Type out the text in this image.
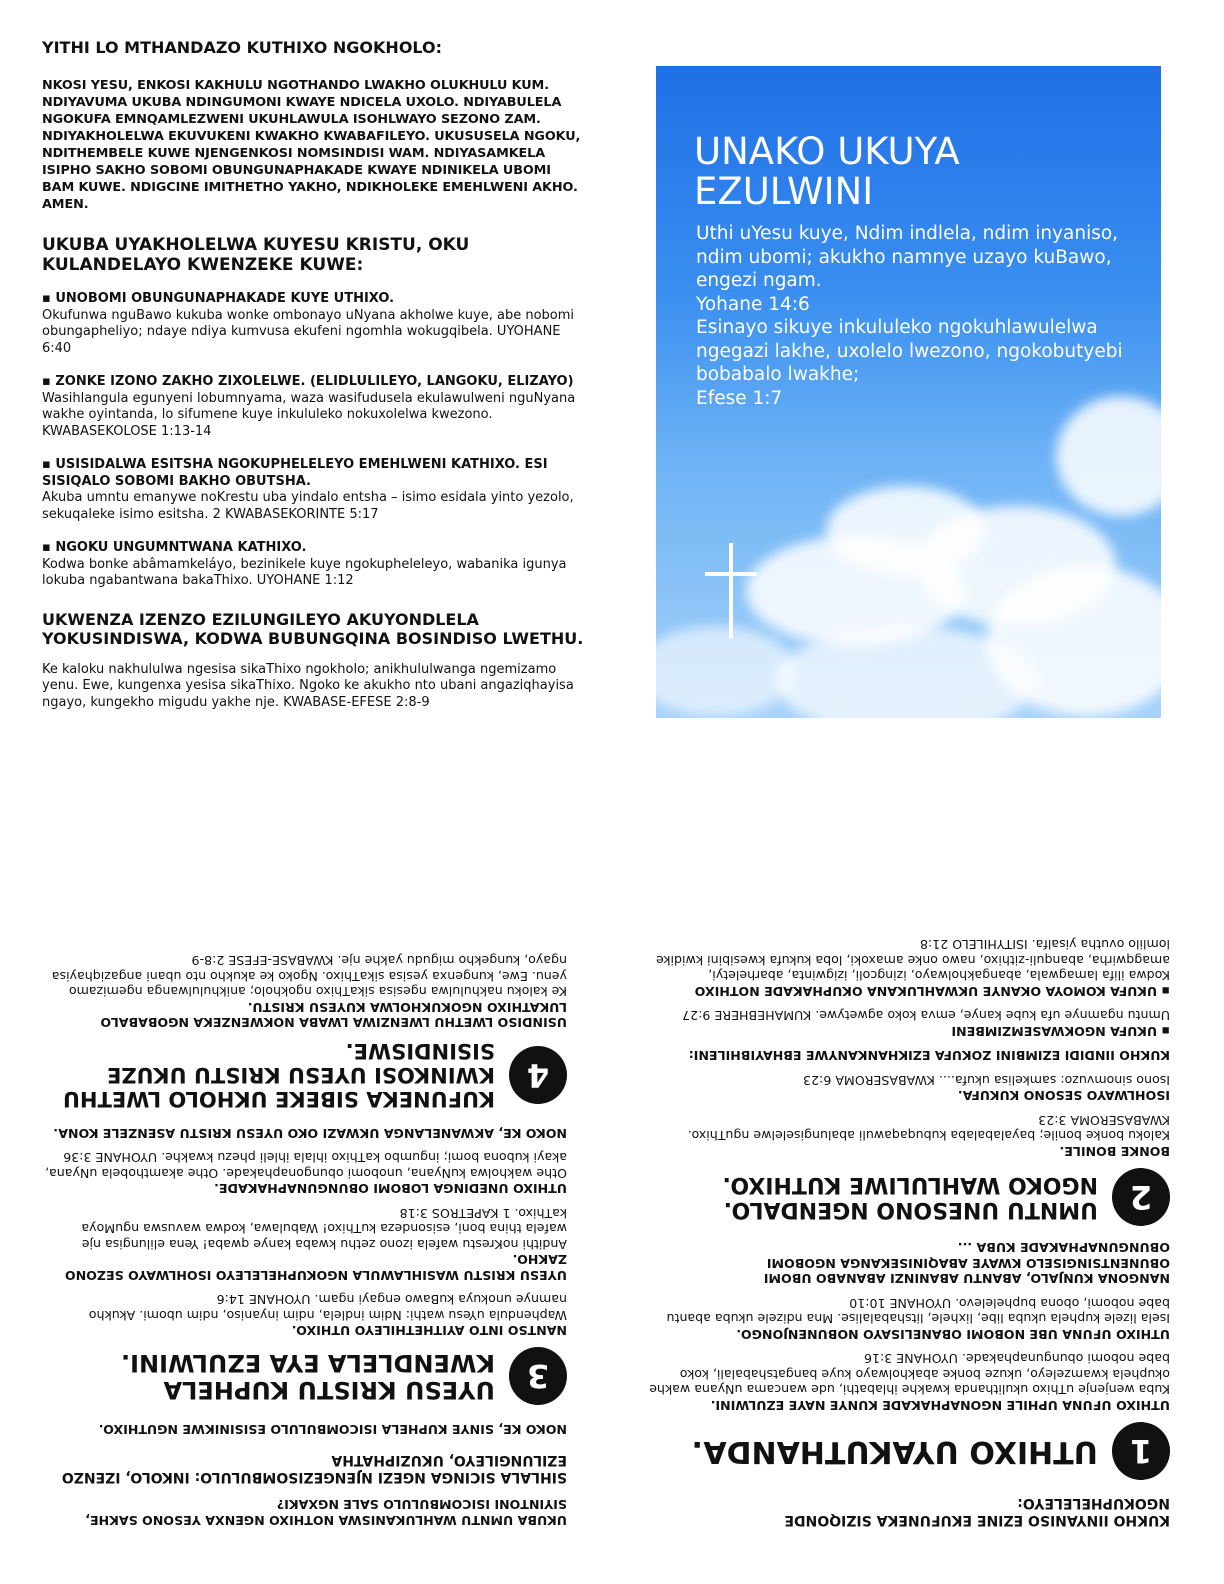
YITHI LO MTHANDAZO KUTHIXO NGOKHOLO:

NKOSI YESU, ENKOSI KAKHULU NGOTHANDO LWAKHO OLUKHULU KUM. NDIYAVUMA UKUBA NDINGUMONI KWAYE NDICELA UXOLO. NDIYABULELA NGOKUFA EMNQAMLEZWENI UKUHLAWULA ISOHLWAYO SEZONO ZAM. NDIYAKHOLELWA EKUVUKENI KWAKHO KWABAFILEYO. UKUSUSELA NGOKU, NDITHEMBELE KUWE NJENGENKOSI NOMSINDISI WAM. NDIYASAMKELA ISIPHO SAKHO SOBOMI OBUNGUNAPHAKADE KWAYE NDINIKELA UBOMI BAM KUWE. NDIGCINE IMITHETHO YAKHO, NDIKHOLEKE EMEHLWENI AKHO. AMEN.

UKUBA UYAKHOLELWA KUYESU KRISTU, OKU KULANDELAYO KWENZEKE KUWE:

▪ UNOBOMI OBUNGUNAPHAKADE KUYE UTHIXO.

Okufunwa nguBawo kukuba wonke ombonayo uNyana akholwe kuye, abe nobomi obungapheliyo; ndaye ndiya kumvusa ekufeni ngomhla wokugqibela. UYOHANE 6:40

▪ ZONKE IZONO ZAKHO ZIXOLELWE. (ELIDLULILEYO, LANGOKU, ELIZAYO)

Wasihlangula egunyeni lobumnyama, waza wasifudusela ekulawulweni nguNyana wakhe oyintanda, lo sifumene kuye inkululeko nokuxolelwa kwezono. KWABASEKOLOSE 1:13-14

▪ USISIDALWA ESITSHA NGOKUPHELELEYO EMEHLWENI KATHIXO. ESI SISIQALO SOBOMI BAKHO OBUTSHA.

Akuba umntu emanywe noKrestu uba yindalo entsha – isimo esidala yinto yezolo, sekuqaleke isimo esitsha. 2 KWABASEKORINTE 5:17

▪ NGOKU UNGUMNTWANA KATHIXO.

Kodwa bonke abâmamkeláyo, bezinikele kuye ngokupheleleyo, wabanika igunya lokuba ngabantwana bakaThixo. UYOHANE 1:12

UKWENZA IZENZO EZILUNGILEYO AKUYONDLELA YOKUSINDISWA, KODWA BUBUNGQINA BOSINDISO LWETHU.

Ke kaloku nakhululwa ngesisa sikaThixo ngokholo; anikhululwanga ngemizamo yenu. Ewe, kungenxa yesisa sikaThixo. Ngoko ke akukho nto ubani angaziqhayisa ngayo, kungekho migudu yakhe nje. KWABASE-EFESE 2:8-9

UNAKO UKUYA EZULWINI
Uthi uYesu kuye, Ndim indlela, ndim inyaniso, ndim ubomi; akukho namnye uzayo kuBawo, engezi ngam.
Yohane 14:6
Esinayo sikuye inkululeko ngokuhlawulelwa ngegazi lakhe, uxolelo lwezono, ngokobutyebi bobabalo lwakhe;
Efese 1:7

UKUBA UMNTU WAHLUKANISWA NOTHIXO NGENXA YESONO SAKHE, SIYINTONI ISICOMBULULO SALE NGXAKI?

SIHLALA SICINGA NGEZI NJENGEZISOMBULULO: INKOLO, IZENZO EZILUNGILEYO, UKUZIPHATHA

NOKO KE, SINYE KUPHELA ISICOMBULULO ESISINIKWE NGUTHIXO.

3
UYESU KRISTU KUPHELA KWENDLELA EYA EZULWINI.

NANTSO INTO AYITHETHILEYO UTHIXO.

Waphendula uYesu wathi: Ndim indlela, ndim inyaniso, ndim ubomi. Akukho namnye unokuya kuBawo engayi ngam. UYOHANE 14:6

UYESU KRISTU WASIHLAWULA NGOKUPHELELEYO ISOHLWAYO SEZONO ZAKHO.

Andithi noKrestu wafela izono zethu kwaba kanye qwaba! Yena elilungisa nje wafela thina boni, esisondeza kuThixo! Wabulawa, kodwa wavuswa nguMoya kaThixo. 1 KAPETROS 3:18

UTHIXO UNEDINGA LOBOMI OBUNGUNAPHAKADE.

Othe wakholwa kuNyana, unobomi obungonaphakade. Othe akamthobela uNyana, akayi kubona bomi; ingumbo kaThixo ihlala ihleli phezu kwakhe. UYOHANE 3:36

NOKO KE, AKWANELANGA UKWAZI OKO UYESU KRISTU ASENZELE KONA.

4
KUFUNEKA SIBEKE UKHOLO LWETHU KWINKOSI UYESU KRISTU UKUZE SISINDISWE.

USINDISO LWETHU LWENZIWA LWABA NOKWENZEKA NGOBABALO LUKATHIXO NGOKUKHOLWA KUYESU KRISTU.

Ke kaloku nakhululwa ngesisa sikaThixo ngokholo; anikhululwanga ngemizamo yenu. Ewe, kungenxa yesisa sikaThixo. Ngoko ke akukho nto ubani angaziqhayisa ngayo, kungekho migudu yakhe nje. KWABASE-EFESE 2:8-9

KUKHO IINYANISO EZINE EKUFUNEKA SIZIQONDE NGOKUPHELELEYO:

1
UTHIXO UYAKUTHANDA.

UTHIXO UFUNA UPHILE NGONAPHAKADE KUNYE NAYE EZULWINI.

Kuba wenjenje uThixo ukulithanda kwakhe ihlabathi, ude wancama uNyana wakhe okuphela kwamzeleyo, ukuze bonke abakholwayo kuye bangatshabalali, koko babe nobomi obungunaphakade. UYOHANE 3:16

UTHIXO UFUNA UBE NOBOMI OBANELISAYO NOBUNENJONGO.

Isela lizele kuphela ukuba libe, lixhele, litshabalalise. Mna ndizele ukuba abantu babe nobomi, obona buphelelevo. UYOHANE 10:10

NANGONA KUNJALO, ABANTU ABANINZI ABANABO UBOMI OBUNENTSINGISELO KWAYE ABAQINISEKANGA NGOBOMI OBUNGUNAPHAKADE KUBA ...

2
UMNTU UNESONO NGENDALO. NGOKO WAHLULIWE KUTHIXO.

BONKE BONILE.

Kaloku bonke bonile; bayalabalaba kubuqaqawuli abalungiselelwe nguThixo. KWABASEROMA 3:23

ISOHLWAYO SESONO KUKUFA.

Isono sinomvuzo: samkelisa ukufa.... KWABASEROMA 6:23

KUKHO IINDIDI EZIMBINI ZOKUFA EZIKHANKANYWE EBHAYIBHILENI:

▪ UKUFA NGOKWASEMZIMBENI

Umntu ngamnye ufa kube kanye, emva koko agwetywe. KUMAHEBHERE 9:27

▪ UKUFA KOMOYA OKANYE UKWAHLUKANA OKUPHAKADE NOTHIXO

Kodwa ilifa lamagwala, abangakholwayo, izingcoli, izigwinta, abarheletyi, amagqwirha, abanquli-zithixo, nawo onke amaxoki, loba kukufa kwesibini kwidike lomlilo ovutha yisalfa. ISITYHILELO 21:8
